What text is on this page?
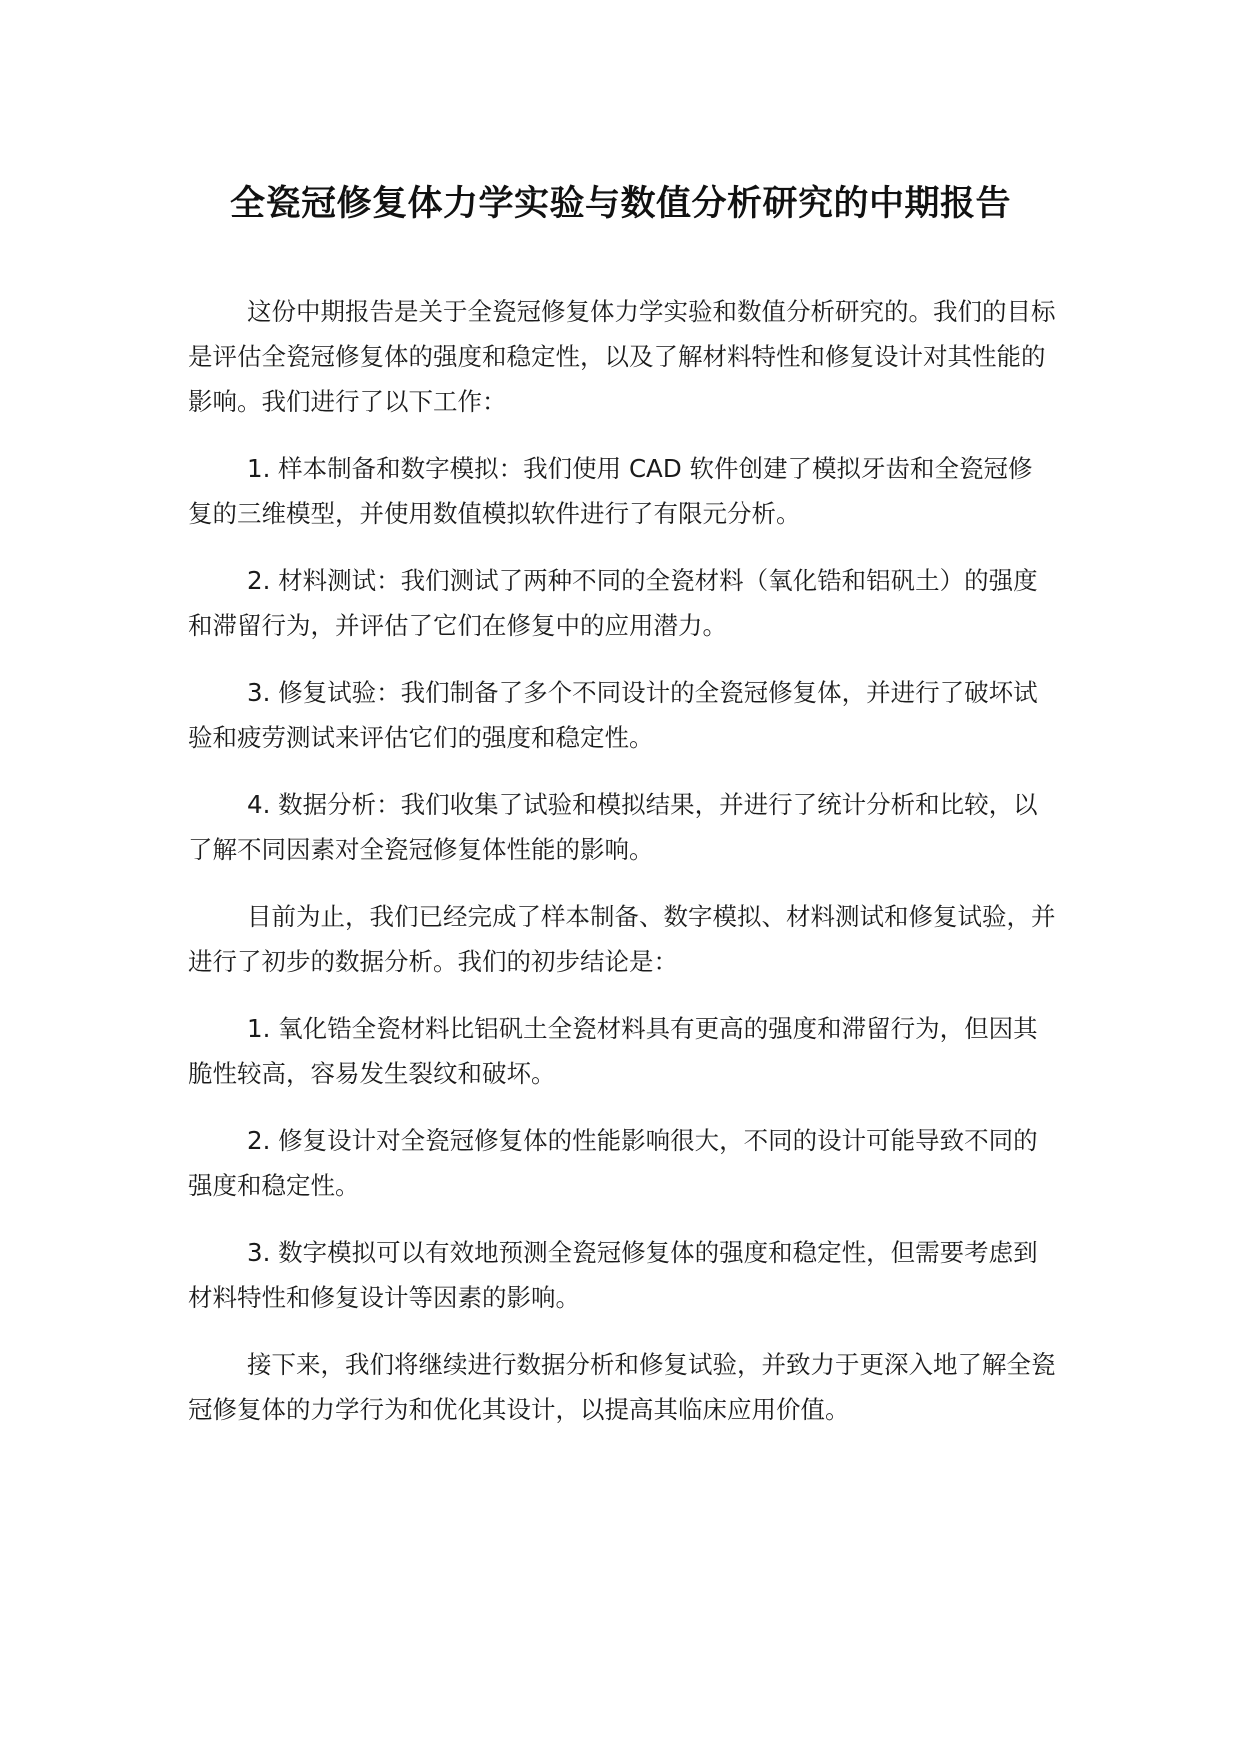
全瓷冠修复体力学实验与数值分析研究的中期报告

这份中期报告是关于全瓷冠修复体力学实验和数值分析研究的。我们的目标是评估全瓷冠修复体的强度和稳定性，以及了解材料特性和修复设计对其性能的影响。我们进行了以下工作：

1. 样本制备和数字模拟：我们使用 CAD 软件创建了模拟牙齿和全瓷冠修复的三维模型，并使用数值模拟软件进行了有限元分析。

2. 材料测试：我们测试了两种不同的全瓷材料（氧化锆和铝矾土）的强度和滞留行为，并评估了它们在修复中的应用潜力。

3. 修复试验：我们制备了多个不同设计的全瓷冠修复体，并进行了破坏试验和疲劳测试来评估它们的强度和稳定性。

4. 数据分析：我们收集了试验和模拟结果，并进行了统计分析和比较，以了解不同因素对全瓷冠修复体性能的影响。

目前为止，我们已经完成了样本制备、数字模拟、材料测试和修复试验，并进行了初步的数据分析。我们的初步结论是：

1. 氧化锆全瓷材料比铝矾土全瓷材料具有更高的强度和滞留行为，但因其脆性较高，容易发生裂纹和破坏。

2. 修复设计对全瓷冠修复体的性能影响很大，不同的设计可能导致不同的强度和稳定性。

3. 数字模拟可以有效地预测全瓷冠修复体的强度和稳定性，但需要考虑到材料特性和修复设计等因素的影响。

接下来，我们将继续进行数据分析和修复试验，并致力于更深入地了解全瓷冠修复体的力学行为和优化其设计，以提高其临床应用价值。
